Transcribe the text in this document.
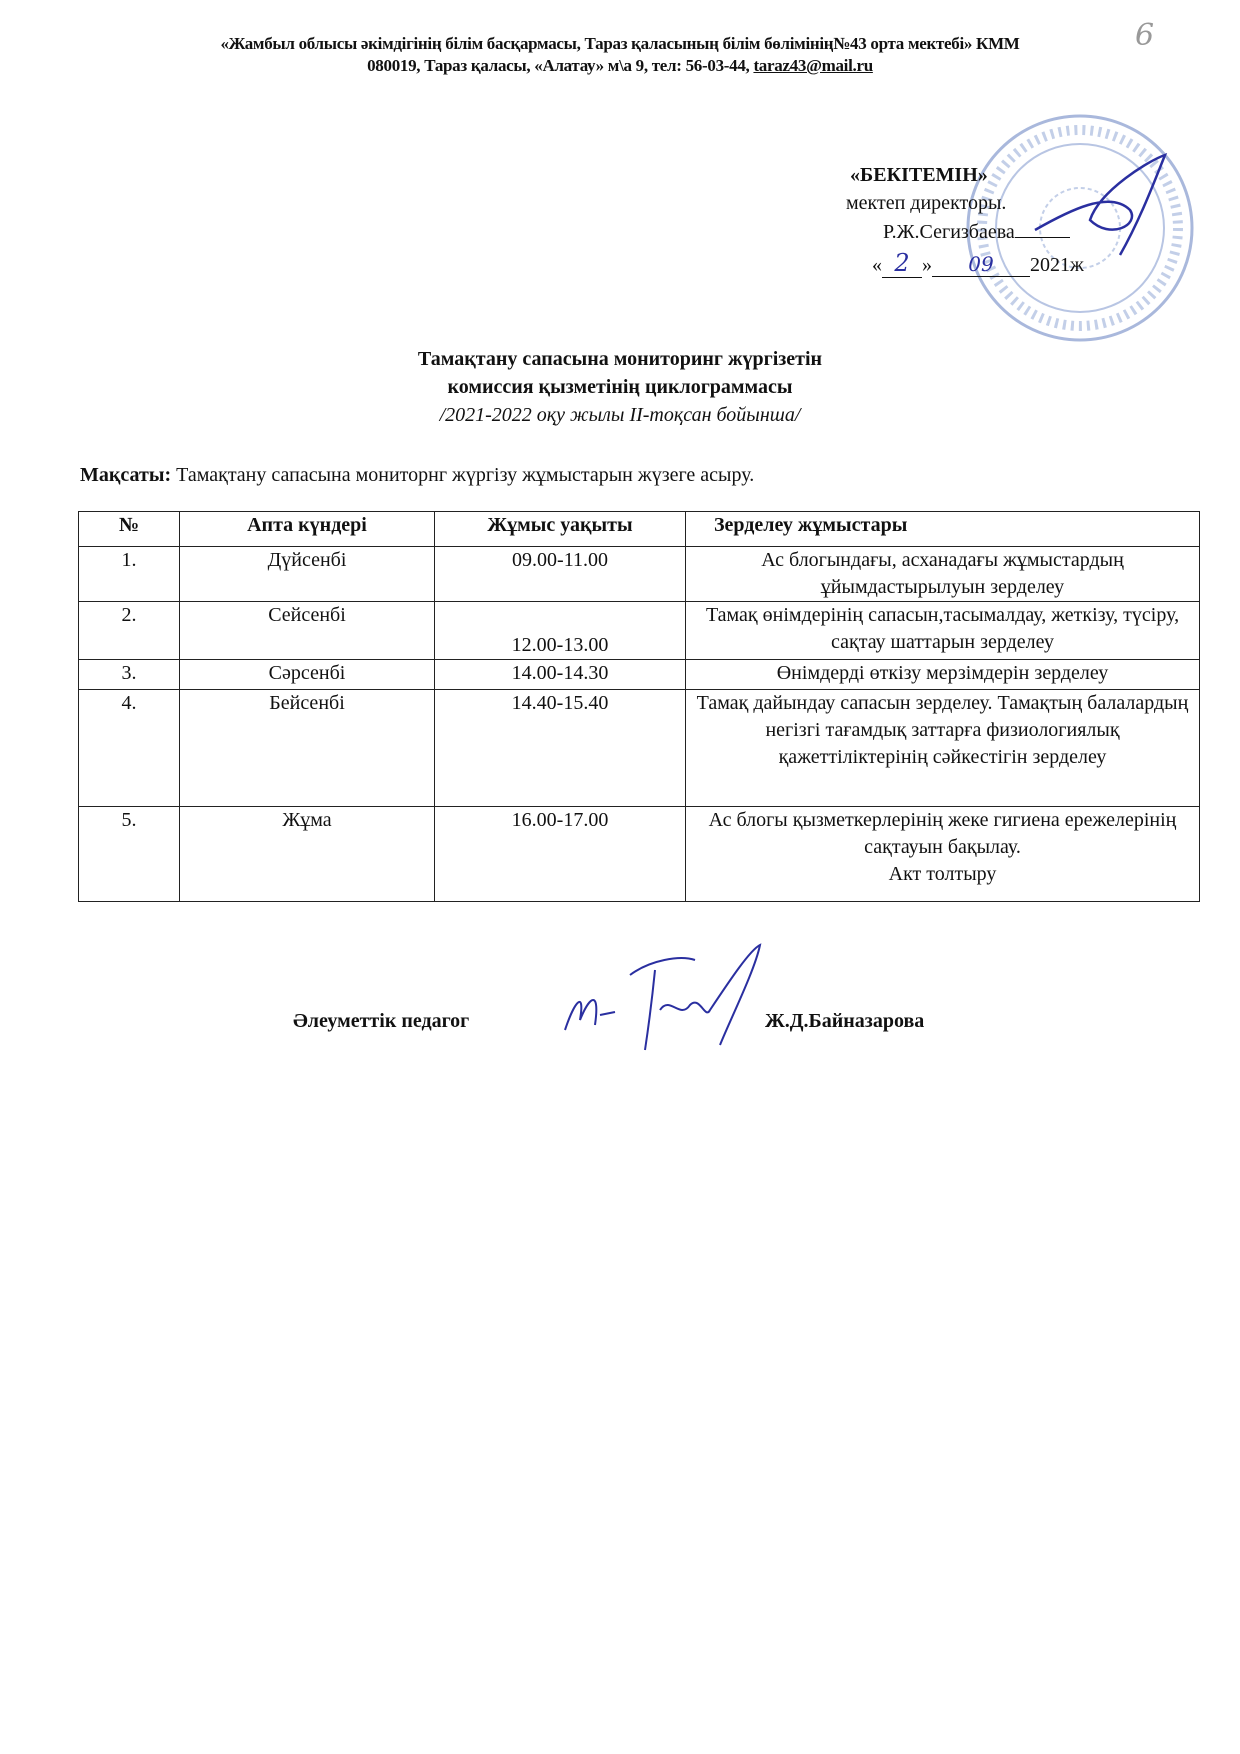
6
«Жамбыл облысы әкімдігінің білім басқармасы, Тараз қаласының білім бөлімінің№43 орта мектебі» КММ
080019, Тараз қаласы, «Алатау» м\а 9, тел: 56-03-44, taraz43@mail.ru
«БЕКІТЕМІН»
мектеп директоры.
Р.Ж.Сегизбаева
« 2 » 09 2021ж
Тамақтану сапасына мониторинг жүргізетін
комиссия қызметінің циклограммасы
/2021-2022 оқу жылы ІІ-тоқсан бойынша/
Мақсаты: Тамақтану сапасына мониторнг жүргізу жұмыстарын жүзеге асыру.
№	Апта күндері	Жұмыс уақыты	Зерделеу жұмыстары
1.	Дүйсенбі	09.00-11.00	Ас блогындағы, асханадағы жұмыстардың ұйымдастырылуын зерделеу
2.	Сейсенбі	12.00-13.00	Тамақ өнімдерінің сапасын,тасымалдау, жеткізу, түсіру, сақтау шаттарын зерделеу
3.	Сәрсенбі	14.00-14.30	Өнімдерді өткізу мерзімдерін зерделеу
4.	Бейсенбі	14.40-15.40	Тамақ дайындау сапасын зерделеу. Тамақтың балалардың негізгі тағамдық заттарға физиологиялық қажеттіліктерінің сәйкестігін зерделеу
5.	Жұма	16.00-17.00	Ас блогы қызметкерлерінің жеке гигиена ережелерінің сақтауын бақылау.
Акт толтыру
Әлеуметтік педагог	Ж.Д.Байназарова
